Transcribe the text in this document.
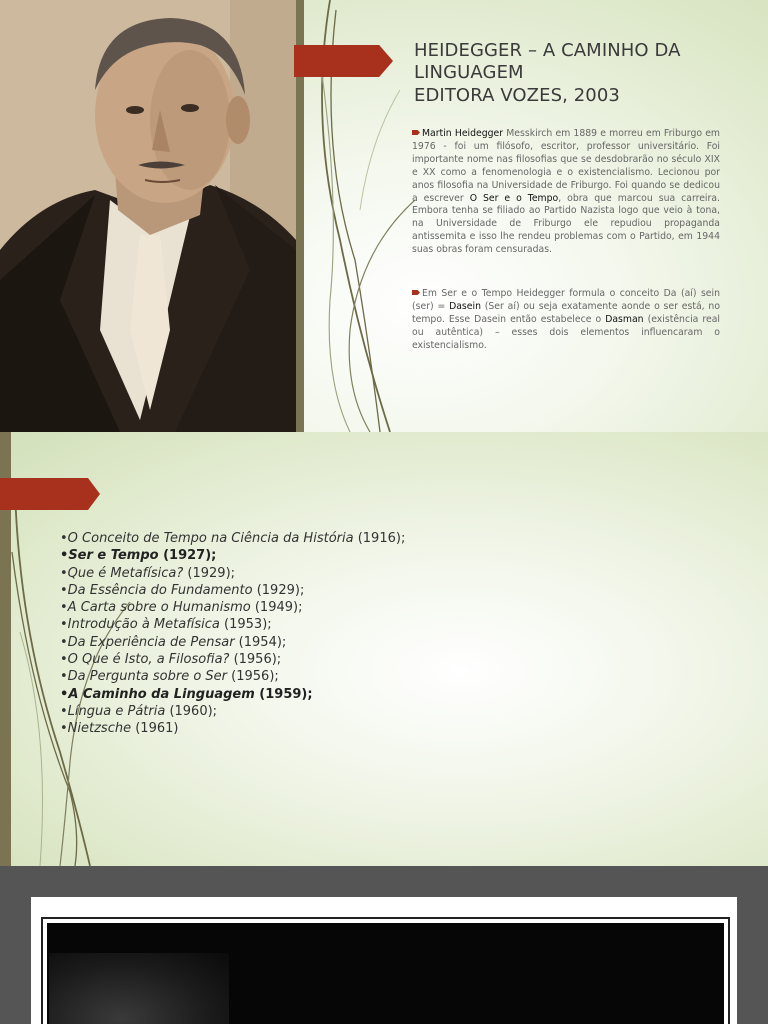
HEIDEGGER – A CAMINHO DA
LINGUAGEM
EDITORA VOZES, 2003
Martin Heidegger Messkirch em 1889 e morreu em Friburgo em 1976 - foi um filósofo, escritor, professor universitário. Foi importante nome nas filosofias que se desdobrarão no século XIX e XX como a fenomenologia e o existencialismo. Lecionou por anos filosofia na Universidade de Friburgo. Foi quando se dedicou a escrever O Ser e o Tempo, obra que marcou sua carreira. Embora tenha se filiado ao Partido Nazista logo que veio à tona, na Universidade de Friburgo ele repudiou propaganda antissemita e isso lhe rendeu problemas com o Partido, em 1944 suas obras foram censuradas.
Em Ser e o Tempo Heidegger formula o conceito Da (aí) sein (ser) = Dasein (Ser aí) ou seja exatamente aonde o ser está, no tempo. Esse Dasein então estabelece o Dasman (existência real ou autêntica) – esses dois elementos influencaram o existencialismo.
•O Conceito de Tempo na Ciência da História (1916);
•Ser e Tempo (1927);
•Que é Metafísica? (1929);
•Da Essência do Fundamento (1929);
•A Carta sobre o Humanismo (1949);
•Introdução à Metafísica (1953);
•Da Experiência de Pensar (1954);
•O Que é Isto, a Filosofia? (1956);
•Da Pergunta sobre o Ser (1956);
•A Caminho da Linguagem (1959);
•Língua e Pátria (1960);
•Nietzsche (1961)
